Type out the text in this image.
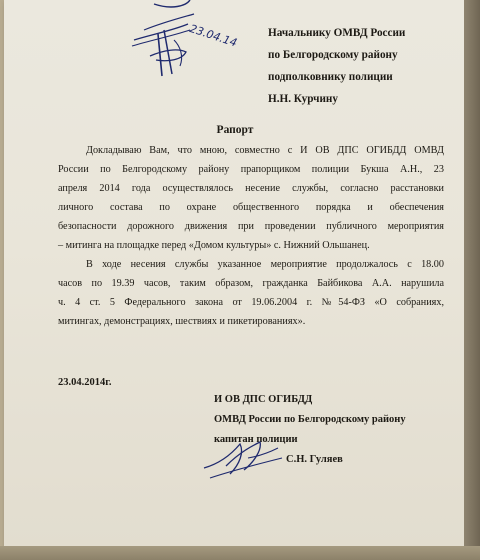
23.04.14	Начальнику ОМВД России
по Белгородскому району
подполковнику полиции
Н.Н. Курчину
Рапорт
Докладываю Вам, что мною, совместно с И ОВ ДПС ОГИБДД ОМВД
России по Белгородскому району прапорщиком полиции Букша А.Н., 23
апреля 2014 года осуществлялось несение службы, согласно расстановки
личного состава по охране общественного порядка и обеспечения
безопасности дорожного движения при проведении публичного мероприятия
– митинга на площадке перед «Домом культуры» с. Нижний Ольшанец.
В ходе несения службы указанное мероприятие продолжалось с 18.00
часов по 19.39 часов, таким образом, гражданка Байбикова А.А. нарушила
ч. 4 ст. 5 Федерального закона от 19.06.2004 г. №54-ФЗ «О собраниях,
митингах, демонстрациях, шествиях и пикетированиях».
23.04.2014г.
И ОВ ДПС ОГИБДД
ОМВД России по Белгородскому району
капитан полиции
С.Н. Гуляев
